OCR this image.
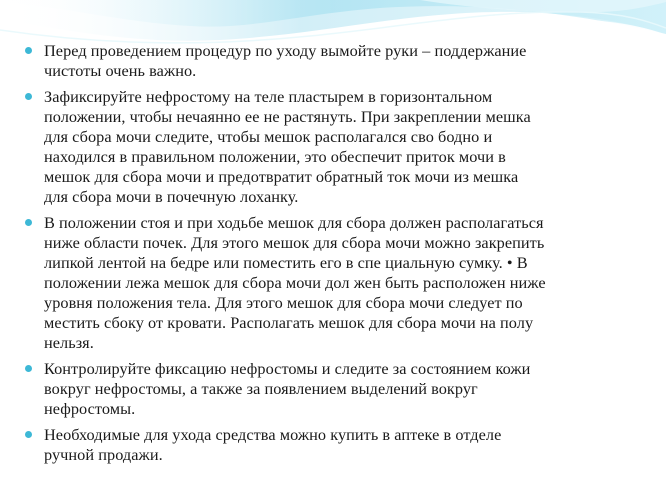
Перед проведением процедур по уходу вымойте руки – поддержание
чистоты очень важно.
Зафиксируйте нефростому на теле пластырем в горизонтальном
положении, чтобы нечаянно ее не растянуть. При закреплении мешка
для сбора мочи следите, чтобы мешок располагался сво бодно и
находился в правильном положении, это обеспечит приток мочи в
мешок для сбора мочи и предотвратит обратный ток мочи из мешка
для сбора мочи в почечную лоханку.
В положении стоя и при ходьбе мешок для сбора должен располагаться
ниже области почек. Для этого мешок для сбора мочи можно закрепить
липкой лентой на бедре или поместить его в спе циальную сумку. • В
положении лежа мешок для сбора мочи дол жен быть расположен ниже
уровня положения тела. Для этого мешок для сбора мочи следует по
местить сбоку от кровати. Располагать мешок для сбора мочи на полу
нельзя.
Контролируйте фиксацию нефростомы и следите за состоянием кожи
вокруг нефростомы, а также за появлением выделений вокруг
нефростомы.
Необходимые для ухода средства можно купить в аптеке в отделе
ручной продажи.
